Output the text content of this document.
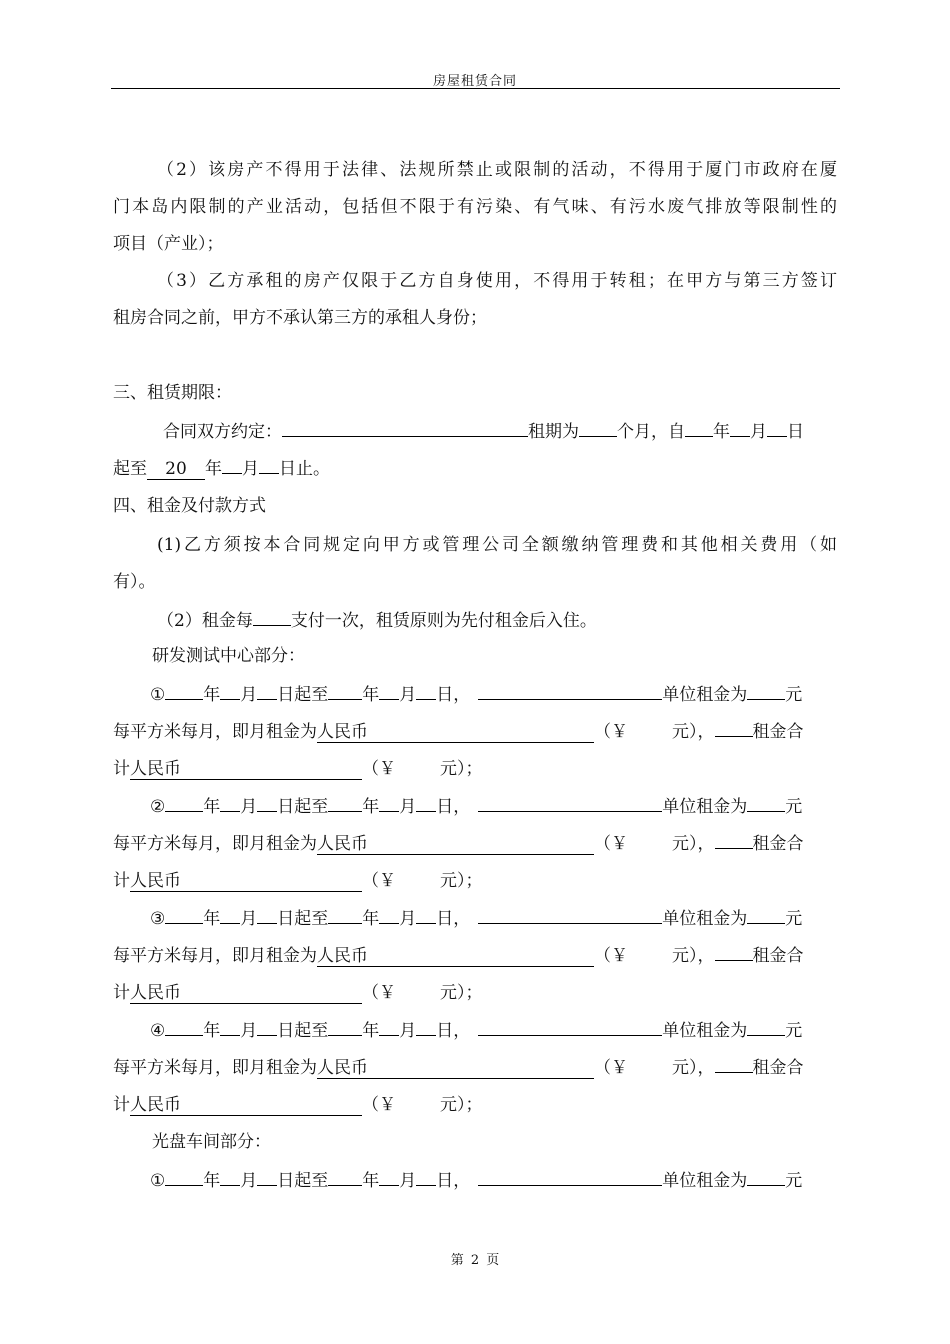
房屋租赁合同
（2）该房产不得用于法律、法规所禁止或限制的活动，不得用于厦门市政府在厦
门本岛内限制的产业活动，包括但不限于有污染、有气味、有污水废气排放等限制性的
项目（产业）；
（3）乙方承租的房产仅限于乙方自身使用，不得用于转租；在甲方与第三方签订
租房合同之前，甲方不承认第三方的承租人身份；
三、租赁期限：
合同双方约定：	租期为 个月，自 年 月 日
起至 20 年 月 日止。
四、租金及付款方式
(1)乙方须按本合同规定向甲方或管理公司全额缴纳管理费和其他相关费用（如
有）。
（2）租金每 支付一次，租赁原则为先付租金后入住。
研发测试中心部分：
① 年 月 日起至 年 月 日，	单位租金为 元
每平方米每月，即月租金为人民币	（￥	元）， 租金合
计人民币	（￥	元）；
② 年 月 日起至 年 月 日，	单位租金为 元
每平方米每月，即月租金为人民币	（￥	元）， 租金合
计人民币	（￥	元）；
③ 年 月 日起至 年 月 日，	单位租金为 元
每平方米每月，即月租金为人民币	（￥	元）， 租金合
计人民币	（￥	元）；
④ 年 月 日起至 年 月 日，	单位租金为 元
每平方米每月，即月租金为人民币	（￥	元）， 租金合
计人民币	（￥	元）；
① 年 月 日起至 年 月 日，	单位租金为 元
光盘车间部分：
第 2 页
